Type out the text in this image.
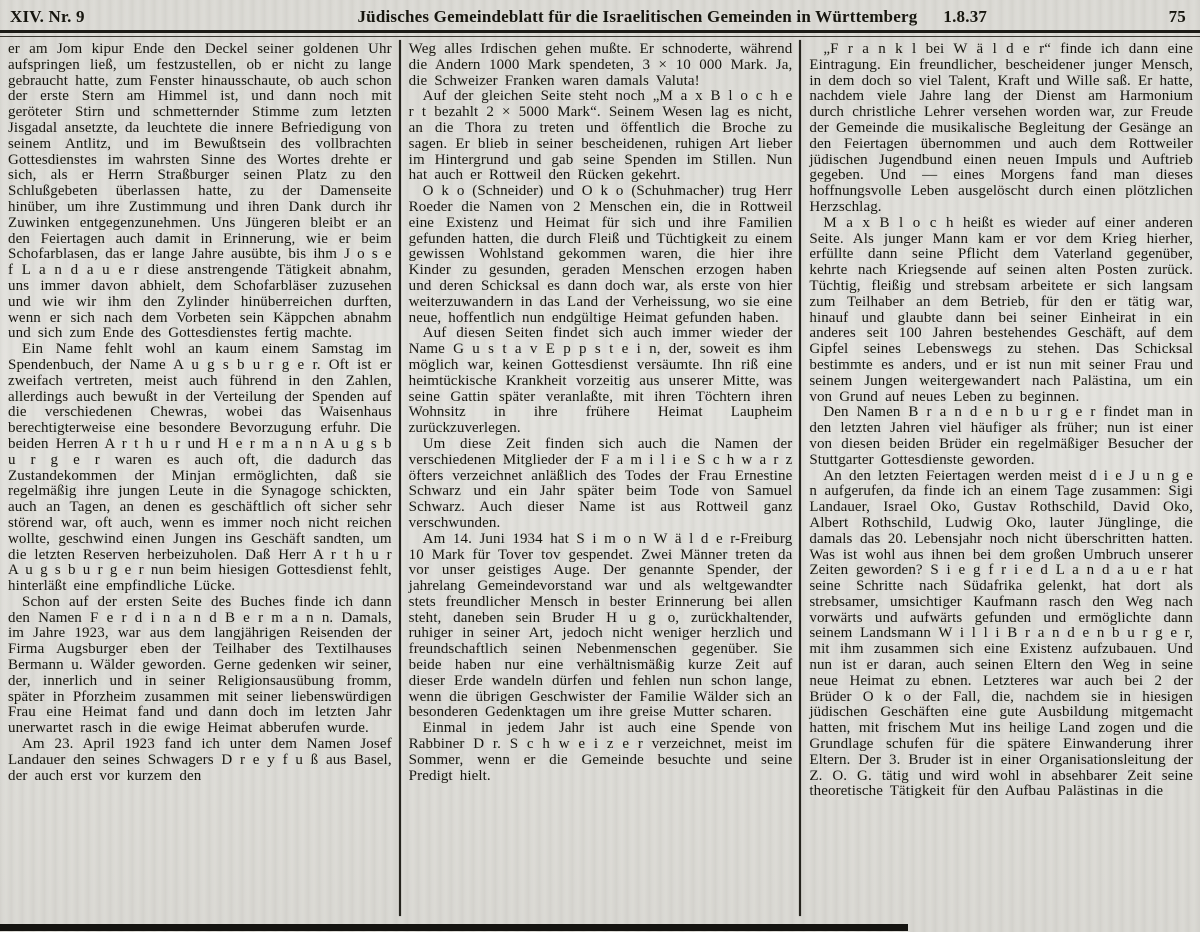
XIV. Nr. 9	Jüdisches Gemeindeblatt für die Israelitischen Gemeinden in Württemberg 1.8.37	75

er am Jom kipur Ende den Deckel seiner goldenen Uhr aufspringen ließ, um festzustellen, ob er nicht zu lange gebraucht hatte, zum Fenster hinausschaute, ob auch schon der erste Stern am Himmel ist, und dann noch mit geröteter Stirn und schmetternder Stimme zum letzten Jisgadal ansetzte, da leuchtete die innere Befriedigung von seinem Antlitz, und im Bewußtsein des vollbrachten Gottesdienstes im wahrsten Sinne des Wortes drehte er sich, als er Herrn Straßburger seinen Platz zu den Schlußgebeten überlassen hatte, zu der Damenseite hinüber, um ihre Zustimmung und ihren Dank durch ihr Zuwinken entgegenzunehmen. Uns Jüngeren bleibt er an den Feiertagen auch damit in Erinnerung, wie er beim Schofarblasen, das er lange Jahre ausübte, bis ihm J o s e f L a n d a u e r diese anstrengende Tätigkeit abnahm, uns immer davon abhielt, dem Schofarbläser zuzusehen und wie wir ihm den Zylinder hinüberreichen durften, wenn er sich nach dem Vorbeten sein Käppchen abnahm und sich zum Ende des Gottesdienstes fertig machte.

Ein Name fehlt wohl an kaum einem Samstag im Spendenbuch, der Name A u g s b u r g e r. Oft ist er zweifach vertreten, meist auch führend in den Zahlen, allerdings auch bewußt in der Verteilung der Spenden auf die verschiedenen Chewras, wobei das Waisenhaus berechtigterweise eine besondere Bevorzugung erfuhr. Die beiden Herren A r t h u r und H e r m a n n A u g s b u r g e r waren es auch oft, die dadurch das Zustandekommen der Minjan ermöglichten, daß sie regelmäßig ihre jungen Leute in die Synagoge schickten, auch an Tagen, an denen es geschäftlich oft sicher sehr störend war, oft auch, wenn es immer noch nicht reichen wollte, geschwind einen Jungen ins Geschäft sandten, um die letzten Reserven herbeizuholen. Daß Herr A r t h u r A u g s b u r g e r nun beim hiesigen Gottesdienst fehlt, hinterläßt eine empfindliche Lücke.

Schon auf der ersten Seite des Buches finde ich dann den Namen F e r d i n a n d B e r m a n n. Damals, im Jahre 1923, war aus dem langjährigen Reisenden der Firma Augsburger eben der Teilhaber des Textilhauses Bermann u. Wälder geworden. Gerne gedenken wir seiner, der, innerlich und in seiner Religionsausübung fromm, später in Pforzheim zusammen mit seiner liebenswürdigen Frau eine Heimat fand und dann doch im letzten Jahr unerwartet rasch in die ewige Heimat abberufen wurde.

Am 23. April 1923 fand ich unter dem Namen Josef Landauer den seines Schwagers D r e y f u ß aus Basel, der auch erst vor kurzem den

Weg alles Irdischen gehen mußte. Er schnoderte, während die Andern 1000 Mark spendeten, 3 × 10 000 Mark. Ja, die Schweizer Franken waren damals Valuta!

Auf der gleichen Seite steht noch „M a x B l o c h e r t bezahlt 2 × 5000 Mark“. Seinem Wesen lag es nicht, an die Thora zu treten und öffentlich die Broche zu sagen. Er blieb in seiner bescheidenen, ruhigen Art lieber im Hintergrund und gab seine Spenden im Stillen. Nun hat auch er Rottweil den Rücken gekehrt.

O k o (Schneider) und O k o (Schuhmacher) trug Herr Roeder die Namen von 2 Menschen ein, die in Rottweil eine Existenz und Heimat für sich und ihre Familien gefunden hatten, die durch Fleiß und Tüchtigkeit zu einem gewissen Wohlstand gekommen waren, die hier ihre Kinder zu gesunden, geraden Menschen erzogen haben und deren Schicksal es dann doch war, als erste von hier weiterzuwandern in das Land der Verheissung, wo sie eine neue, hoffentlich nun endgültige Heimat gefunden haben.

Auf diesen Seiten findet sich auch immer wieder der Name G u s t a v E p p s t e i n, der, soweit es ihm möglich war, keinen Gottesdienst versäumte. Ihn riß eine heimtückische Krankheit vorzeitig aus unserer Mitte, was seine Gattin später veranlaßte, mit ihren Töchtern ihren Wohnsitz in ihre frühere Heimat Laupheim zurückzuverlegen.

Um diese Zeit finden sich auch die Namen der verschiedenen Mitglieder der F a m i l i e S c h w a r z öfters verzeichnet anläßlich des Todes der Frau Ernestine Schwarz und ein Jahr später beim Tode von Samuel Schwarz. Auch dieser Name ist aus Rottweil ganz verschwunden.

Am 14. Juni 1934 hat S i m o n W ä l d e r-Freiburg 10 Mark für Tover tov gespendet. Zwei Männer treten da vor unser geistiges Auge. Der genannte Spender, der jahrelang Gemeindevorstand war und als weltgewandter stets freundlicher Mensch in bester Erinnerung bei allen steht, daneben sein Bruder H u g o, zurückhaltender, ruhiger in seiner Art, jedoch nicht weniger herzlich und freundschaftlich seinen Nebenmenschen gegenüber. Sie beide haben nur eine verhältnismäßig kurze Zeit auf dieser Erde wandeln dürfen und fehlen nun schon lange, wenn die übrigen Geschwister der Familie Wälder sich an besonderen Gedenktagen um ihre greise Mutter scharen.

Einmal in jedem Jahr ist auch eine Spende von Rabbiner D r. S c h w e i z e r verzeichnet, meist im Sommer, wenn er die Gemeinde besuchte und seine Predigt hielt.

„F r a n k l bei W ä l d e r“ finde ich dann eine Eintragung. Ein freundlicher, bescheidener junger Mensch, in dem doch so viel Talent, Kraft und Wille saß. Er hatte, nachdem viele Jahre lang der Dienst am Harmonium durch christliche Lehrer versehen worden war, zur Freude der Gemeinde die musikalische Begleitung der Gesänge an den Feiertagen übernommen und auch dem Rottweiler jüdischen Jugendbund einen neuen Impuls und Auftrieb gegeben. Und — eines Morgens fand man dieses hoffnungsvolle Leben ausgelöscht durch einen plötzlichen Herzschlag.

M a x B l o c h heißt es wieder auf einer anderen Seite. Als junger Mann kam er vor dem Krieg hierher, erfüllte dann seine Pflicht dem Vaterland gegenüber, kehrte nach Kriegsende auf seinen alten Posten zurück. Tüchtig, fleißig und strebsam arbeitete er sich langsam zum Teilhaber an dem Betrieb, für den er tätig war, hinauf und glaubte dann bei seiner Einheirat in ein anderes seit 100 Jahren bestehendes Geschäft, auf dem Gipfel seines Lebenswegs zu stehen. Das Schicksal bestimmte es anders, und er ist nun mit seiner Frau und seinem Jungen weitergewandert nach Palästina, um ein von Grund auf neues Leben zu beginnen.

Den Namen B r a n d e n b u r g e r findet man in den letzten Jahren viel häufiger als früher; nun ist einer von diesen beiden Brüder ein regelmäßiger Besucher der Stuttgarter Gottesdienste geworden.

An den letzten Feiertagen werden meist d i e J u n g e n aufgerufen, da finde ich an einem Tage zusammen: Sigi Landauer, Israel Oko, Gustav Rothschild, David Oko, Albert Rothschild, Ludwig Oko, lauter Jünglinge, die damals das 20. Lebensjahr noch nicht überschritten hatten. Was ist wohl aus ihnen bei dem großen Umbruch unserer Zeiten geworden? S i e g f r i e d L a n d a u e r hat seine Schritte nach Südafrika gelenkt, hat dort als strebsamer, umsichtiger Kaufmann rasch den Weg nach vorwärts und aufwärts gefunden und ermöglichte dann seinem Landsmann W i l l i B r a n d e n b u r g e r, mit ihm zusammen sich eine Existenz aufzubauen. Und nun ist er daran, auch seinen Eltern den Weg in seine neue Heimat zu ebnen. Letzteres war auch bei 2 der Brüder O k o der Fall, die, nachdem sie in hiesigen jüdischen Geschäften eine gute Ausbildung mitgemacht hatten, mit frischem Mut ins heilige Land zogen und die Grundlage schufen für die spätere Einwanderung ihrer Eltern. Der 3. Bruder ist in einer Organisationsleitung der Z. O. G. tätig und wird wohl in absehbarer Zeit seine theoretische Tätigkeit für den Aufbau Palästinas in die
